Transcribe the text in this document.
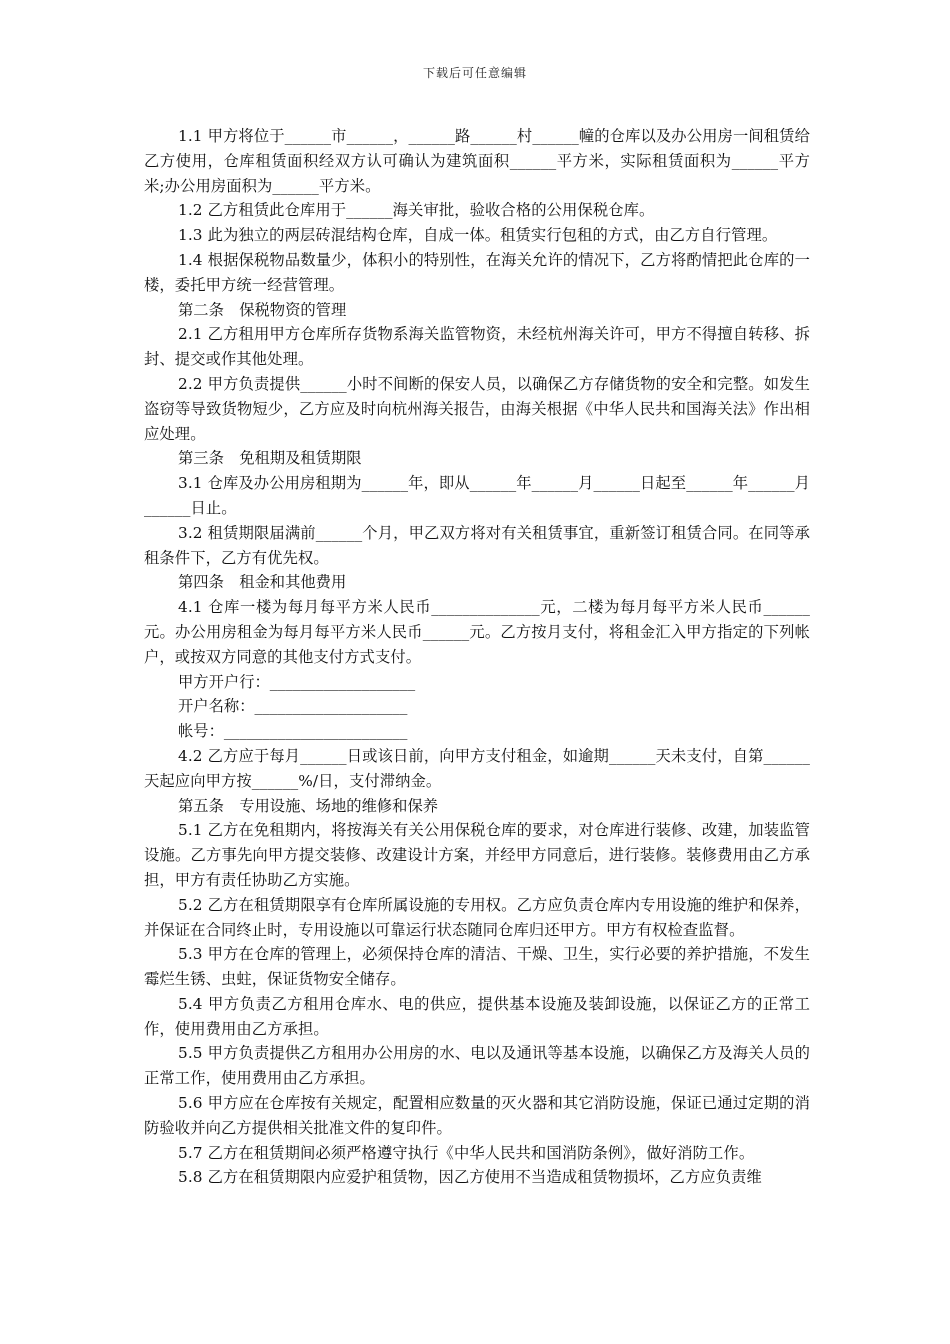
下载后可任意编辑

1.1 甲方将位于______市______，______路______村______幢的仓库以及办公用房一间租赁给乙方使用，仓库租赁面积经双方认可确认为建筑面积______平方米，实际租赁面积为______平方米;办公用房面积为______平方米。

1.2 乙方租赁此仓库用于______海关审批，验收合格的公用保税仓库。

1.3 此为独立的两层砖混结构仓库，自成一体。租赁实行包租的方式，由乙方自行管理。

1.4 根据保税物品数量少，体积小的特别性，在海关允许的情况下，乙方将酌情把此仓库的一楼，委托甲方统一经营管理。

第二条　保税物资的管理

2.1 乙方租用甲方仓库所存货物系海关监管物资，未经杭州海关许可，甲方不得擅自转移、拆封、提交或作其他处理。

2.2 甲方负责提供______小时不间断的保安人员，以确保乙方存储货物的安全和完整。如发生盗窃等导致货物短少，乙方应及时向杭州海关报告，由海关根据《中华人民共和国海关法》作出相应处理。

第三条　免租期及租赁期限

3.1 仓库及办公用房租期为______年，即从______年______月______日起至______年______月______日止。

3.2 租赁期限届满前______个月，甲乙双方将对有关租赁事宜，重新签订租赁合同。在同等承租条件下，乙方有优先权。

第四条　租金和其他费用

4.1 仓库一楼为每月每平方米人民币______________元，二楼为每月每平方米人民币______元。办公用房租金为每月每平方米人民币______元。乙方按月支付，将租金汇入甲方指定的下列帐户，或按双方同意的其他支付方式支付。

甲方开户行：___________________

开户名称：____________________

帐号：________________________

4.2 乙方应于每月______日或该日前，向甲方支付租金，如逾期______天未支付，自第______天起应向甲方按______%/日，支付滞纳金。

第五条　专用设施、场地的维修和保养

5.1 乙方在免租期内，将按海关有关公用保税仓库的要求，对仓库进行装修、改建，加装监管设施。乙方事先向甲方提交装修、改建设计方案，并经甲方同意后，进行装修。装修费用由乙方承担，甲方有责任协助乙方实施。

5.2 乙方在租赁期限享有仓库所属设施的专用权。乙方应负责仓库内专用设施的维护和保养，并保证在合同终止时，专用设施以可靠运行状态随同仓库归还甲方。甲方有权检查监督。

5.3 甲方在仓库的管理上，必须保持仓库的清洁、干燥、卫生，实行必要的养护措施，不发生霉烂生锈、虫蛀，保证货物安全储存。

5.4 甲方负责乙方租用仓库水、电的供应，提供基本设施及装卸设施，以保证乙方的正常工作，使用费用由乙方承担。

5.5 甲方负责提供乙方租用办公用房的水、电以及通讯等基本设施，以确保乙方及海关人员的正常工作，使用费用由乙方承担。

5.6 甲方应在仓库按有关规定，配置相应数量的灭火器和其它消防设施，保证已通过定期的消防验收并向乙方提供相关批准文件的复印件。

5.7 乙方在租赁期间必须严格遵守执行《中华人民共和国消防条例》，做好消防工作。

5.8 乙方在租赁期限内应爱护租赁物，因乙方使用不当造成租赁物损坏，乙方应负责维
